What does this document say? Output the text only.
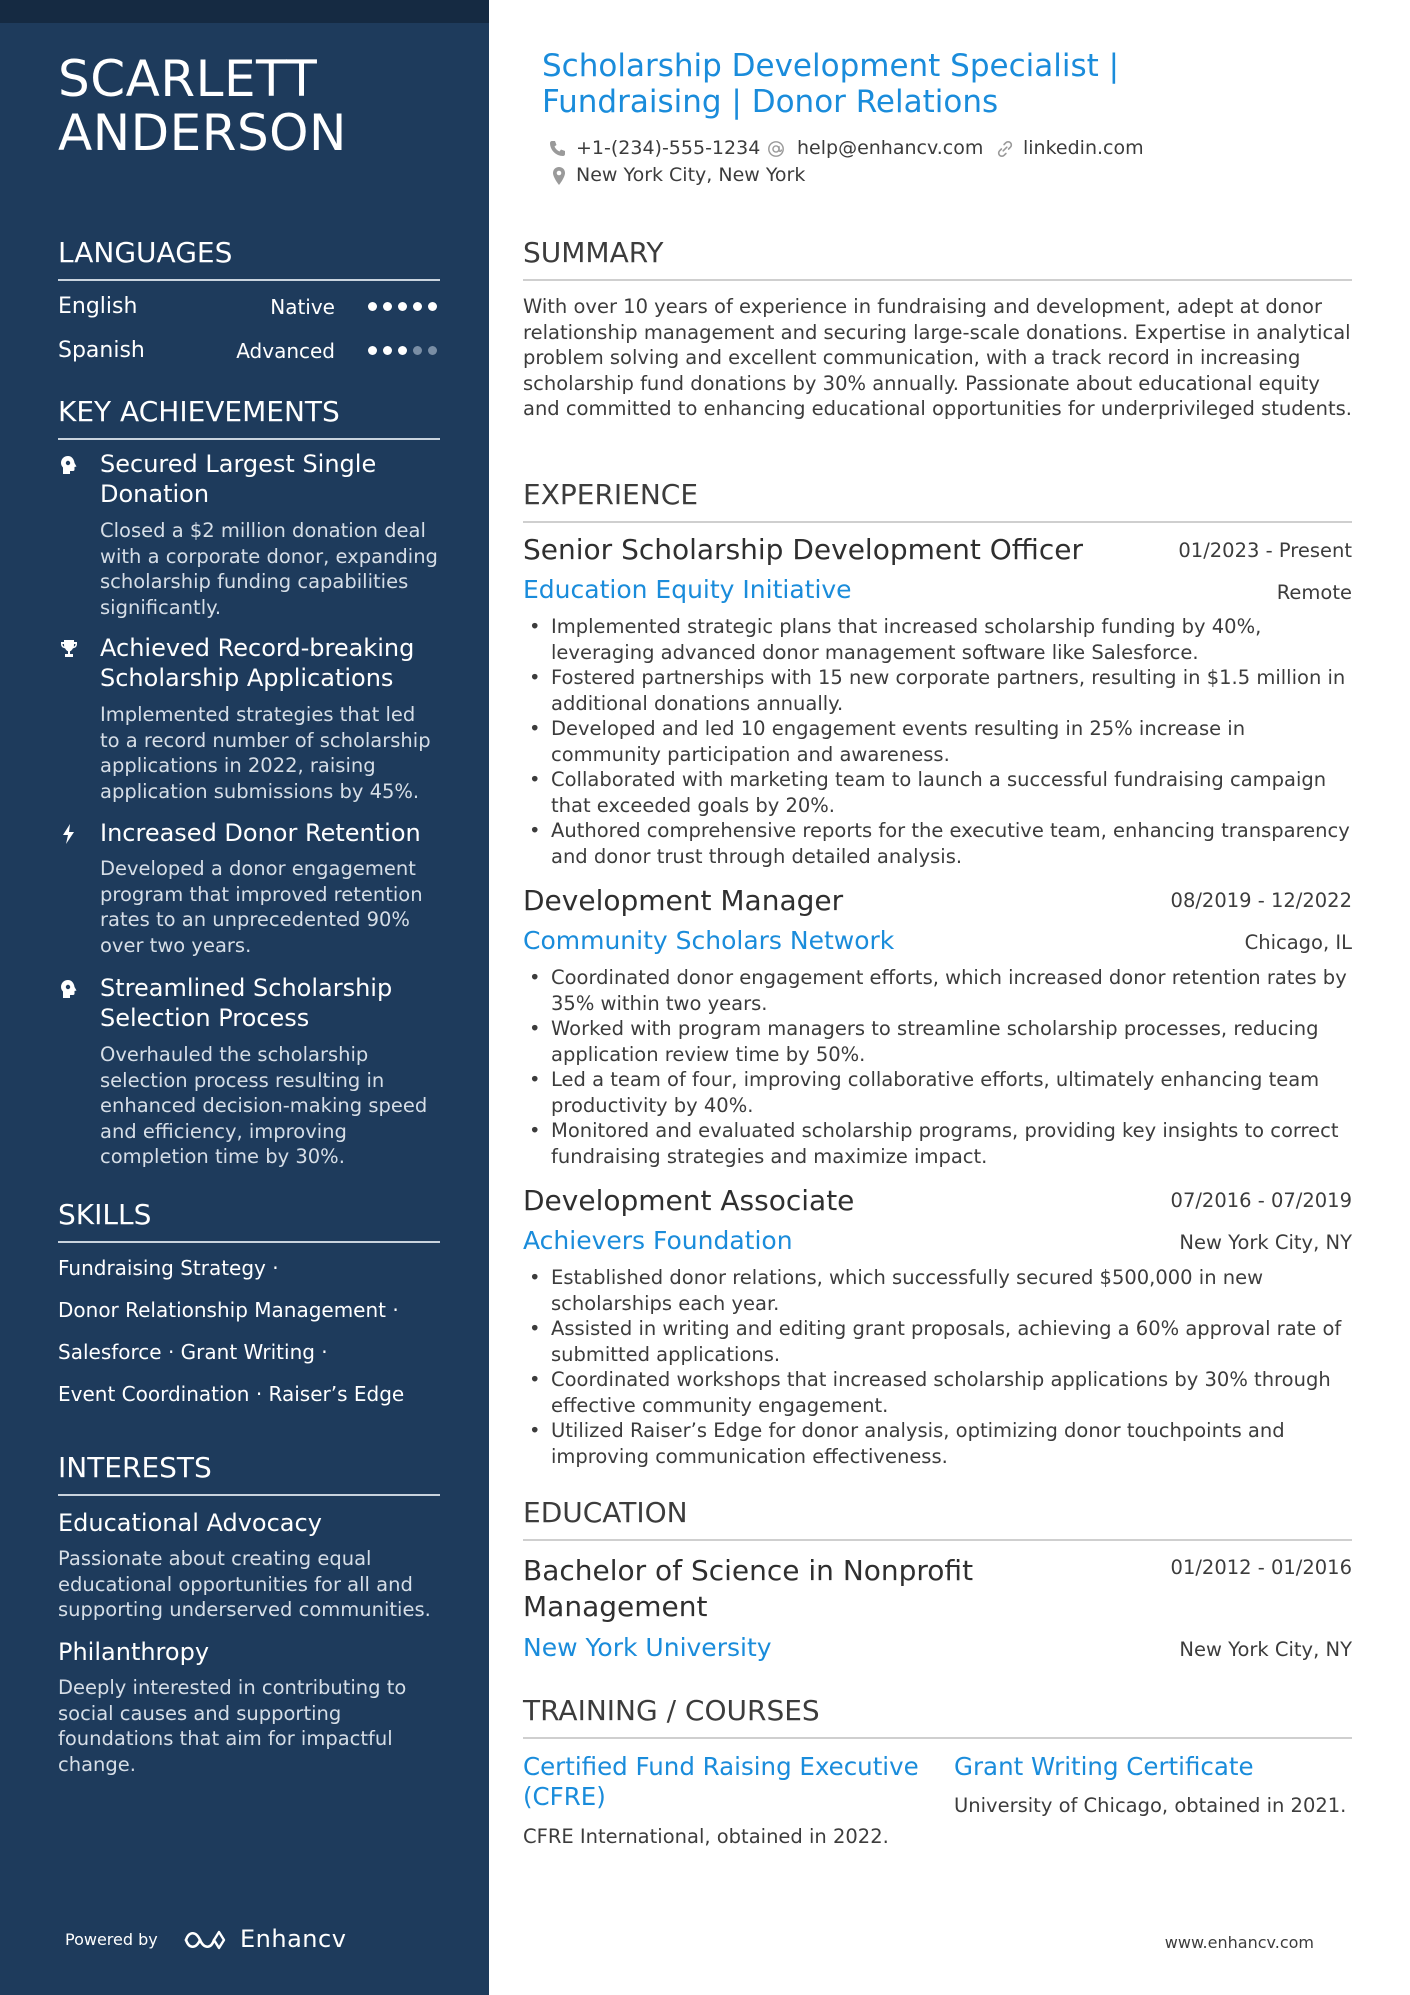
SCARLETT ANDERSON
LANGUAGES
English	Native
Spanish	Advanced
KEY ACHIEVEMENTS
Secured Largest Single Donation
Closed a $2 million donation deal with a corporate donor, expanding scholarship funding capabilities significantly.
Achieved Record-breaking Scholarship Applications
Implemented strategies that led to a record number of scholarship applications in 2022, raising application submissions by 45%.
Increased Donor Retention
Developed a donor engagement program that improved retention rates to an unprecedented 90% over two years.
Streamlined Scholarship Selection Process
Overhauled the scholarship selection process resulting in enhanced decision-making speed and efficiency, improving completion time by 30%.
SKILLS
Fundraising Strategy ·
Donor Relationship Management ·
Salesforce · Grant Writing ·
Event Coordination · Raiser’s Edge
INTERESTS
Educational Advocacy
Passionate about creating equal educational opportunities for all and supporting underserved communities.
Philanthropy
Deeply interested in contributing to social causes and supporting foundations that aim for impactful change.
Powered by	Enhancv
Scholarship Development Specialist | Fundraising | Donor Relations
+1-(234)-555-1234 help@enhancv.com linkedin.com
New York City, New York
SUMMARY
With over 10 years of experience in fundraising and development, adept at donor relationship management and securing large-scale donations. Expertise in analytical problem solving and excellent communication, with a track record in increasing scholarship fund donations by 30% annually. Passionate about educational equity and committed to enhancing educational opportunities for underprivileged students.
EXPERIENCE
Senior Scholarship Development Officer	01/2023 - Present
Education Equity Initiative	Remote
• Implemented strategic plans that increased scholarship funding by 40%, leveraging advanced donor management software like Salesforce.
• Fostered partnerships with 15 new corporate partners, resulting in $1.5 million in additional donations annually.
• Developed and led 10 engagement events resulting in 25% increase in community participation and awareness.
• Collaborated with marketing team to launch a successful fundraising campaign that exceeded goals by 20%.
• Authored comprehensive reports for the executive team, enhancing transparency and donor trust through detailed analysis.
Development Manager	08/2019 - 12/2022
Community Scholars Network	Chicago, IL
• Coordinated donor engagement efforts, which increased donor retention rates by 35% within two years.
• Worked with program managers to streamline scholarship processes, reducing application review time by 50%.
• Led a team of four, improving collaborative efforts, ultimately enhancing team productivity by 40%.
• Monitored and evaluated scholarship programs, providing key insights to correct fundraising strategies and maximize impact.
Development Associate	07/2016 - 07/2019
Achievers Foundation	New York City, NY
• Established donor relations, which successfully secured $500,000 in new scholarships each year.
• Assisted in writing and editing grant proposals, achieving a 60% approval rate of submitted applications.
• Coordinated workshops that increased scholarship applications by 30% through effective community engagement.
• Utilized Raiser’s Edge for donor analysis, optimizing donor touchpoints and improving communication effectiveness.
EDUCATION
Bachelor of Science in Nonprofit Management
01/2012 - 01/2016
New York University	New York City, NY
TRAINING / COURSES
Certified Fund Raising Executive (CFRE)
CFRE International, obtained in 2022.
Grant Writing Certificate
University of Chicago, obtained in 2021.
www.enhancv.com
